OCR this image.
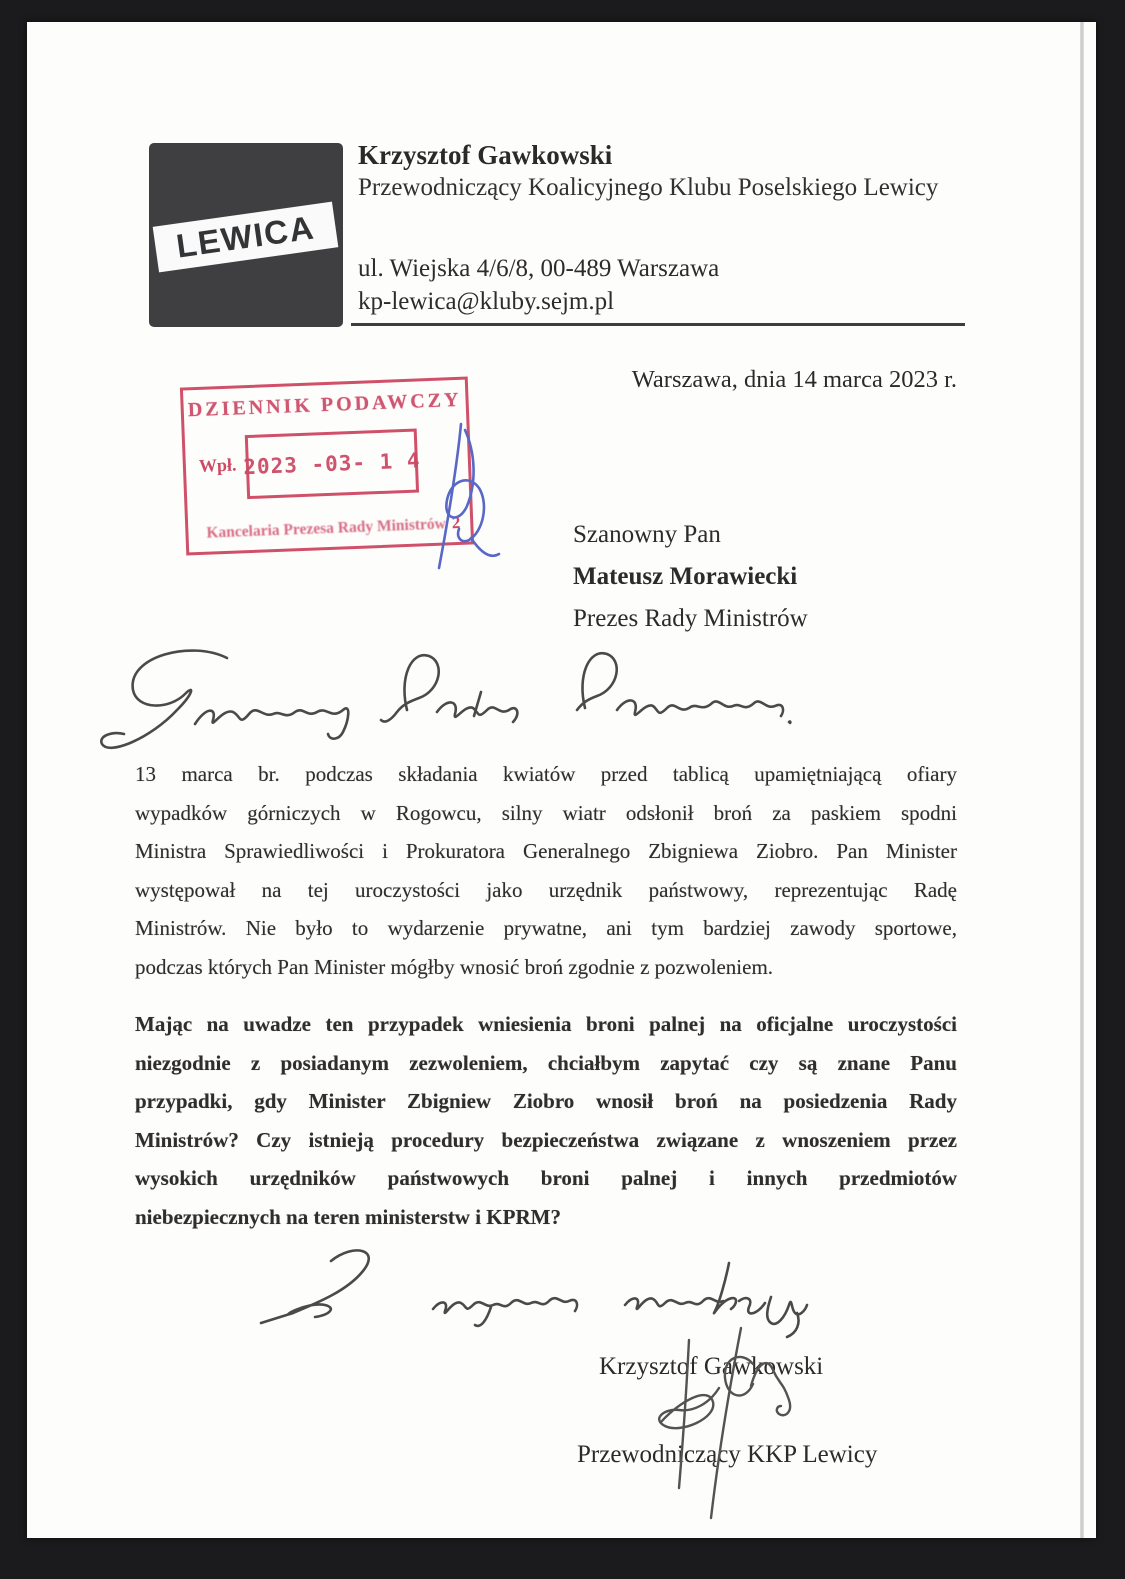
LEWICA
Krzysztof Gawkowski
Przewodniczący Koalicyjnego Klubu Poselskiego Lewicy
ul. Wiejska 4/6/8, 00-489 Warszawa
kp-lewica@kluby.sejm.pl
Warszawa, dnia 14 marca 2023 r.
DZIENNIK PODAWCZY
Wpł. 2023 -03- 1 4
Kancelaria Prezesa Rady Ministrów 2	Szanowny Pan
Mateusz Morawiecki
Prezes Rady Ministrów
13 marca br. podczas składania kwiatów przed tablicą upamiętniającą ofiary
wypadków górniczych w Rogowcu, silny wiatr odsłonił broń za paskiem spodni
Ministra Sprawiedliwości i Prokuratora Generalnego Zbigniewa Ziobro. Pan Minister
występował na tej uroczystości jako urzędnik państwowy, reprezentując Radę
Ministrów. Nie było to wydarzenie prywatne, ani tym bardziej zawody sportowe,
podczas których Pan Minister mógłby wnosić broń zgodnie z pozwoleniem.
Mając na uwadze ten przypadek wniesienia broni palnej na oficjalne uroczystości
niezgodnie z posiadanym zezwoleniem, chciałbym zapytać czy są znane Panu
przypadki, gdy Minister Zbigniew Ziobro wnosił broń na posiedzenia Rady
Ministrów? Czy istnieją procedury bezpieczeństwa związane z wnoszeniem przez
wysokich urzędników państwowych broni palnej i innych przedmiotów
niebezpiecznych na teren ministerstw i KPRM?
Krzysztof Gawkowski
Przewodniczący KKP Lewicy
